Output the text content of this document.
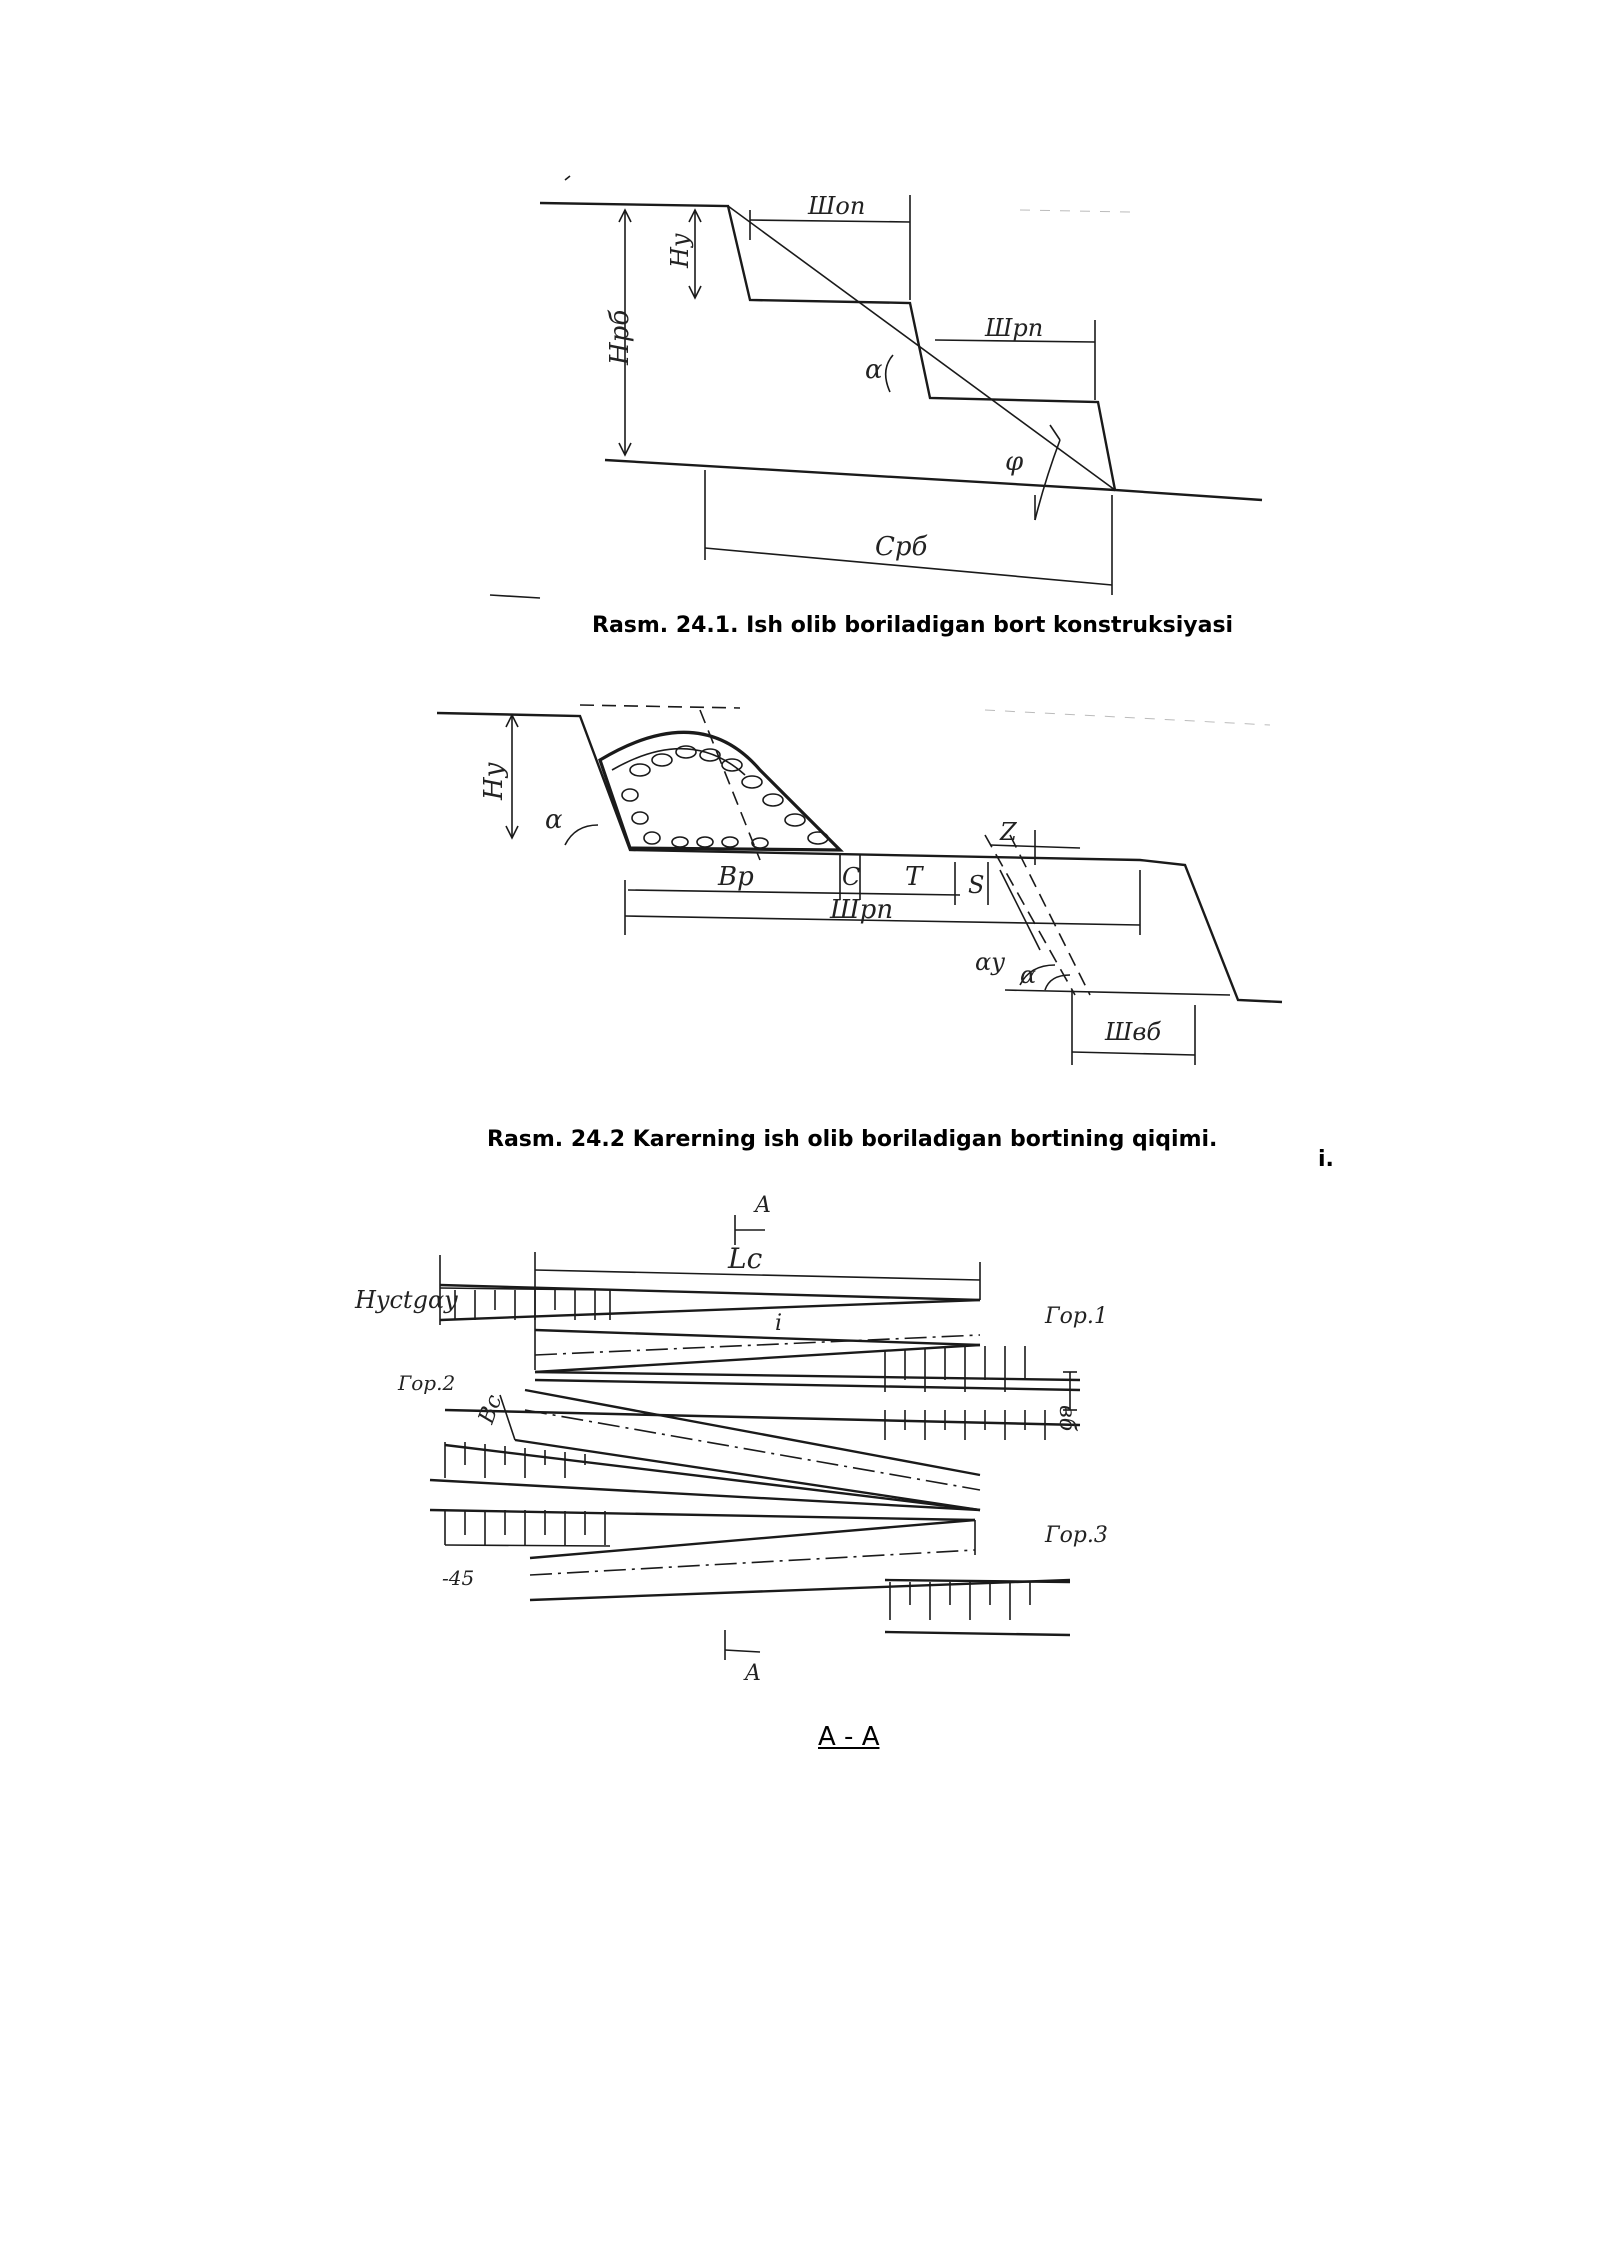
Шоп
Hy
Hрб	Шрп
α
φ
Срб
Rasm. 24.1. Ish olib boriladigan bort konstruksiyasi
Hy
α
Вр	C T S
Z
Шрп
αу α
Швб
Rasm. 24.2 Karerning ish olib boriladigan bortining qiqimi.
i.
A
Lc
Hyctgαy
i	Гор.1
Гор.2
Вс	вб
Гор.3
-45
A
A - A
